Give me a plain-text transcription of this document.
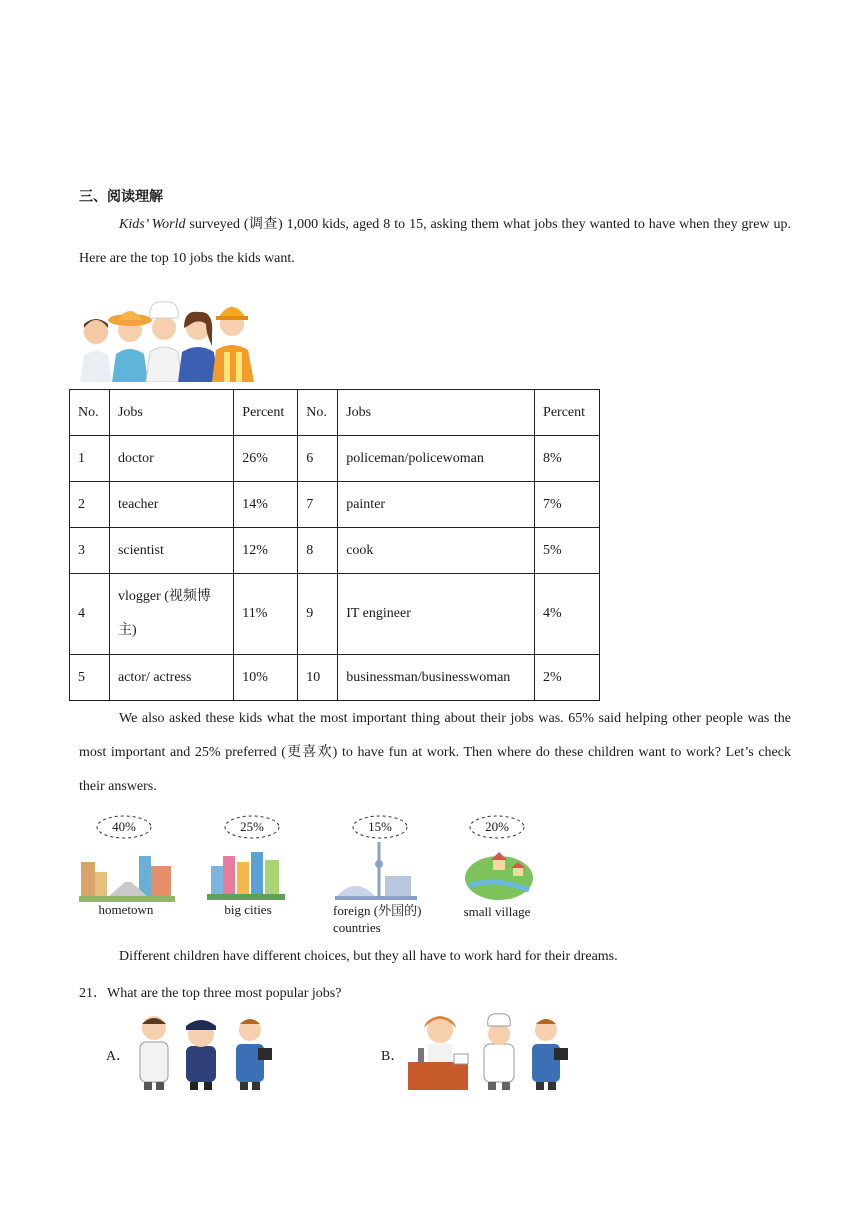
三、阅读理解
Kids’ World surveyed (调查) 1,000 kids, aged 8 to 15, asking them what jobs they wanted to have when they grew up. Here are the top 10 jobs the kids want.
No.	Jobs	Percent	No.	Jobs	Percent
1	doctor	26%	6	policeman/policewoman	8%
2	teacher	14%	7	painter	7%
3	scientist	12%	8	cook	5%
4	vlogger (视频博主)	11%	9	IT engineer	4%
5	actor/ actress	10%	10	businessman/businesswoman	2%
We also asked these kids what the most important thing about their jobs was. 65% said helping other people was the most important and 25% preferred (更喜欢) to have fun at work. Then where do these children want to work? Let’s check their answers.
40%
hometown
25%
big cities
15%
foreign (外国的) countries
20%
small village
Different children have different choices, but they all have to work hard for their dreams.
21．What are the top three most popular jobs?
A．	B．
